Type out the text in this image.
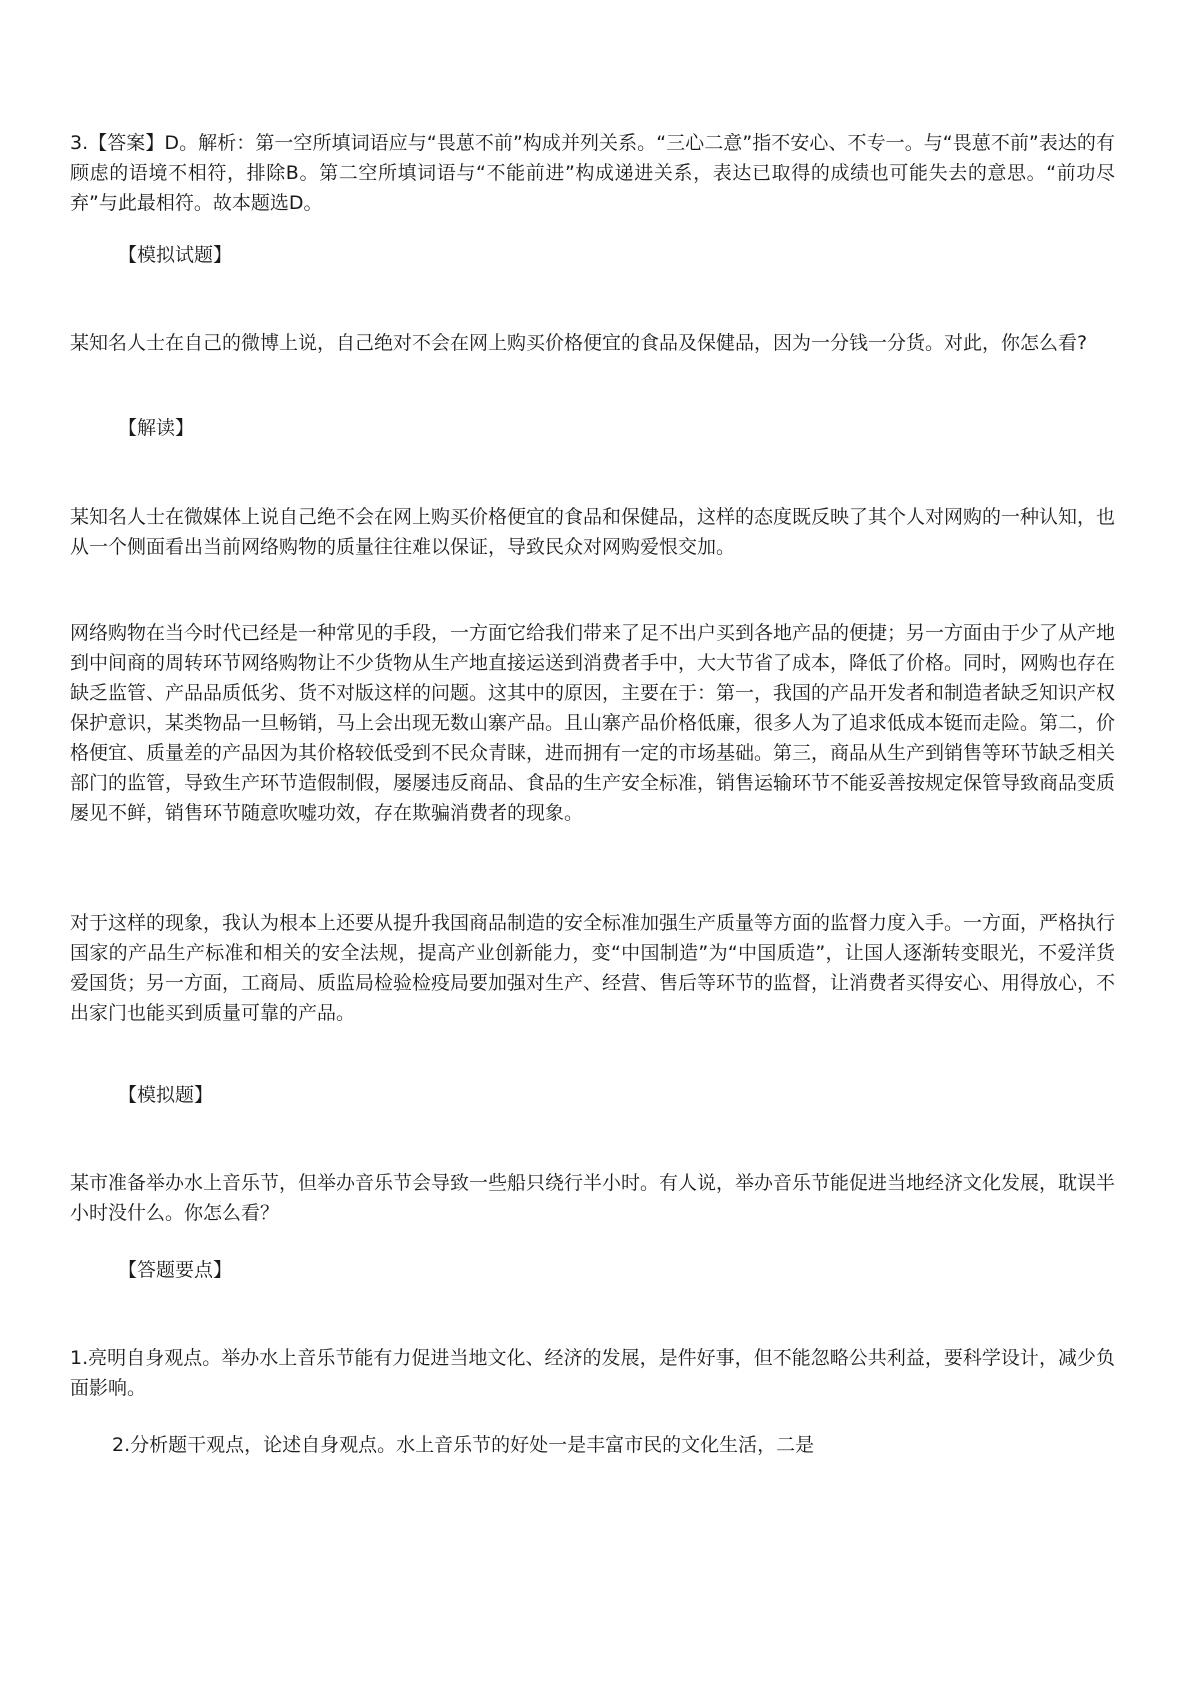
3.【答案】D。解析：第一空所填词语应与“畏葸不前”构成并列关系。“三心二意”指不安心、不专一。与“畏葸不前”表达的有顾虑的语境不相符，排除B。第二空所填词语与“不能前进”构成递进关系，表达已取得的成绩也可能失去的意思。“前功尽弃”与此最相符。故本题选D。

【模拟试题】

某知名人士在自己的微博上说，自己绝对不会在网上购买价格便宜的食品及保健品，因为一分钱一分货。对此，你怎么看?

【解读】

某知名人士在微媒体上说自己绝不会在网上购买价格便宜的食品和保健品，这样的态度既反映了其个人对网购的一种认知，也从一个侧面看出当前网络购物的质量往往难以保证，导致民众对网购爱恨交加。

网络购物在当今时代已经是一种常见的手段，一方面它给我们带来了足不出户买到各地产品的便捷；另一方面由于少了从产地到中间商的周转环节网络购物让不少货物从生产地直接运送到消费者手中，大大节省了成本，降低了价格。同时，网购也存在缺乏监管、产品品质低劣、货不对版这样的问题。这其中的原因，主要在于：第一，我国的产品开发者和制造者缺乏知识产权保护意识，某类物品一旦畅销，马上会出现无数山寨产品。且山寨产品价格低廉，很多人为了追求低成本铤而走险。第二，价格便宜、质量差的产品因为其价格较低受到不民众青睐，进而拥有一定的市场基础。第三，商品从生产到销售等环节缺乏相关部门的监管，导致生产环节造假制假，屡屡违反商品、食品的生产安全标准，销售运输环节不能妥善按规定保管导致商品变质屡见不鲜，销售环节随意吹嘘功效，存在欺骗消费者的现象。

对于这样的现象，我认为根本上还要从提升我国商品制造的安全标准加强生产质量等方面的监督力度入手。一方面，严格执行国家的产品生产标准和相关的安全法规，提高产业创新能力，变“中国制造”为“中国质造”，让国人逐渐转变眼光，不爱洋货爱国货；另一方面，工商局、质监局检验检疫局要加强对生产、经营、售后等环节的监督，让消费者买得安心、用得放心，不出家门也能买到质量可靠的产品。

【模拟题】

某市准备举办水上音乐节，但举办音乐节会导致一些船只绕行半小时。有人说，举办音乐节能促进当地经济文化发展，耽误半小时没什么。你怎么看？

【答题要点】

1.亮明自身观点。举办水上音乐节能有力促进当地文化、经济的发展，是件好事，但不能忽略公共利益，要科学设计，减少负面影响。

2.分析题干观点，论述自身观点。水上音乐节的好处一是丰富市民的文化生活，二是
